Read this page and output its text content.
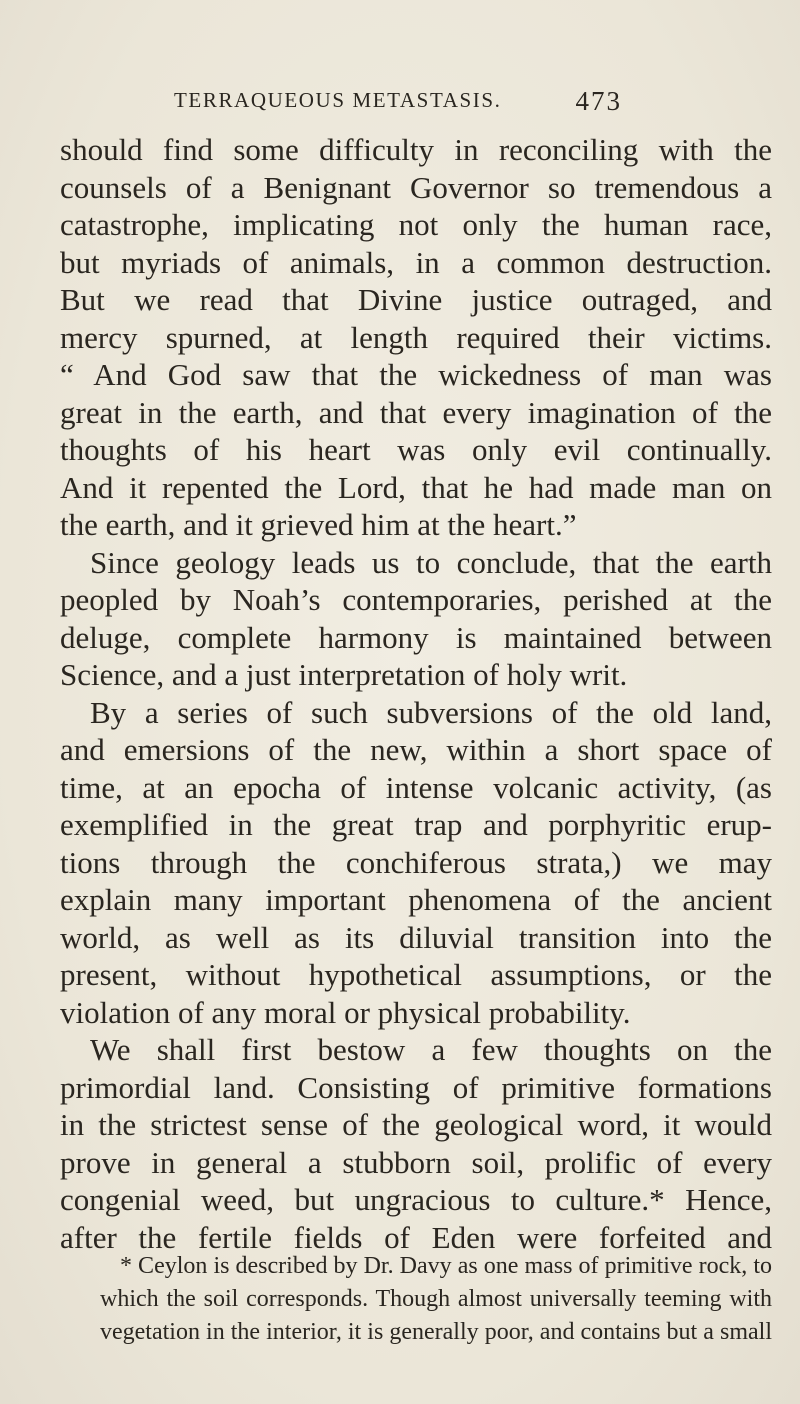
TERRAQUEOUS METASTASIS.	473
should find some difficulty in reconciling with the
counsels of a Benignant Governor so tremendous a
catastrophe, implicating not only the human race,
but myriads of animals, in a common destruction.
But we read that Divine justice outraged, and
mercy spurned, at length required their victims.
“ And God saw that the wickedness of man was
great in the earth, and that every imagination of the
thoughts of his heart was only evil continually.
And it repented the Lord, that he had made man on
the earth, and it grieved him at the heart.”
Since geology leads us to conclude, that the earth
peopled by Noah’s contemporaries, perished at the
deluge, complete harmony is maintained between
Science, and a just interpretation of holy writ.
By a series of such subversions of the old land,
and emersions of the new, within a short space of
time, at an epocha of intense volcanic activity, (as
exemplified in the great trap and porphyritic erup-
tions through the conchiferous strata,) we may
explain many important phenomena of the ancient
world, as well as its diluvial transition into the
present, without hypothetical assumptions, or the
violation of any moral or physical probability.
We shall first bestow a few thoughts on the
primordial land. Consisting of primitive formations
in the strictest sense of the geological word, it would
prove in general a stubborn soil, prolific of every
congenial weed, but ungracious to culture.* Hence,
after the fertile fields of Eden were forfeited and
* Ceylon is described by Dr. Davy as one mass of primitive rock, to
which the soil corresponds. Though almost universally teeming with
vegetation in the interior, it is generally poor, and contains but a small
